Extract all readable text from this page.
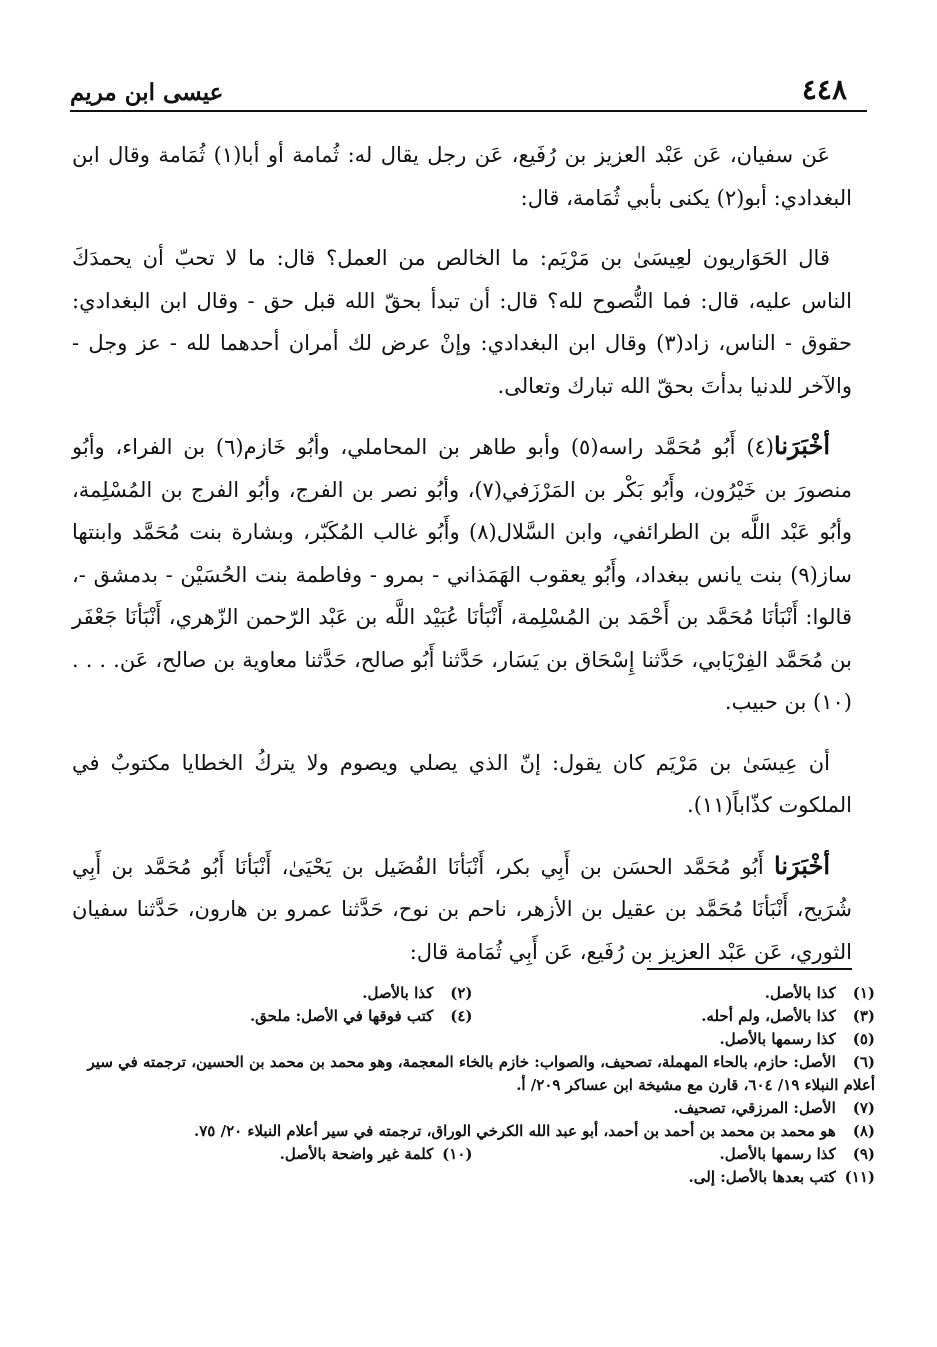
٤٤٨
عيسى ابن مريم

عَن سفيان، عَن عَبْد العزيز بن رُفَيع، عَن رجل يقال له: ثُمامة أو أبا(١) ثُمَامة وقال ابن البغدادي: أبو(٢) يكنى بأبي ثُمَامة، قال:

قال الحَوَاريون لعِيسَىٰ بن مَرْيَم: ما الخالص من العمل؟ قال: ما لا تحبّ أن يحمدَكَ الناس عليه، قال: فما النُّصوح لله؟ قال: أن تبدأ بحقّ الله قبل حق - وقال ابن البغدادي: حقوق - الناس، زاد(٣) وقال ابن البغدادي: وإنْ عرض لك أمران أحدهما لله - عز وجل - والآخر للدنيا بدأتَ بحقّ الله تبارك وتعالى.

أخْبَرَنا(٤) أَبُو مُحَمَّد راسه(٥) وأبو طاهر بن المحاملي، وأبُو خَازم(٦) بن الفراء، وأبُو منصورَ بن خَيْرُون، وأَبُو بَكْر بن المَرْزَفي(٧)، وأبُو نصر بن الفرج، وأبُو الفرج بن المُسْلِمة، وأبُو عَبْد اللَّه بن الطرائفي، وابن السَّلال(٨) وأَبُو غالب المُكَبّر، وبشارة بنت مُحَمَّد وابنتها ساز(٩) بنت يانس ببغداد، وأَبُو يعقوب الهَمَذاني - بمرو - وفاطمة بنت الحُسَيْن - بدمشق -، قالوا: أَنْبَأنَا مُحَمَّد بن أَحْمَد بن المُسْلِمة، أَنْبَأنَا عُبَيْد اللَّه بن عَبْد الرّحمن الزّهري، أَنْبَأنَا جَعْفَر بن مُحَمَّد الفِرْيَابي، حَدَّثنا إِسْحَاق بن يَسَار، حَدَّثنا أَبُو صالح، حَدَّثنا معاوية بن صالح، عَن. . . . (١٠) بن حبيب.

أن عِيسَىٰ بن مَرْيَم كان يقول: إنّ الذي يصلي ويصوم ولا يتركُ الخطايا مكتوبٌ في الملكوت كذّاباً(١١).

أخْبَرَنا أَبُو مُحَمَّد الحسَن بن أَبِي بكر، أَنْبَأنَا الفُضَيل بن يَحْيَىٰ، أَنْبَأنَا أَبُو مُحَمَّد بن أَبِي شُرَيح، أَنْبَأنَا مُحَمَّد بن عقيل بن الأزهر، ناحم بن نوح، حَدَّثنا عمرو بن هارون، حَدَّثنا سفيان الثوري، عَن عَبْد العزيز بن رُفَيع، عَن أَبِي ثُمَامة قال:

(١) كذا بالأصل.
(٢) كذا بالأصل.
(٣) كذا بالأصل، ولم أحله.
(٤) كتب فوقها في الأصل: ملحق.
(٥) كذا رسمها بالأصل.
(٦) الأصل: حازم، بالحاء المهملة، تصحيف، والصواب: خازم بالخاء المعجمة، وهو محمد بن محمد بن الحسين، ترجمته في سير أعلام النبلاء ١٩/ ٦٠٤، قارن مع مشيخة ابن عساكر ٢٠٩/ أ.
(٧) الأصل: المرزقي، تصحيف.
(٨) هو محمد بن محمد بن أحمد بن أحمد، أبو عبد الله الكرخي الوراق، ترجمته في سير أعلام النبلاء ٢٠/ ٧٥.
(٩) كذا رسمها بالأصل.
(١٠) كلمة غير واضحة بالأصل.
(١١) كتب بعدها بالأصل: إلى.
